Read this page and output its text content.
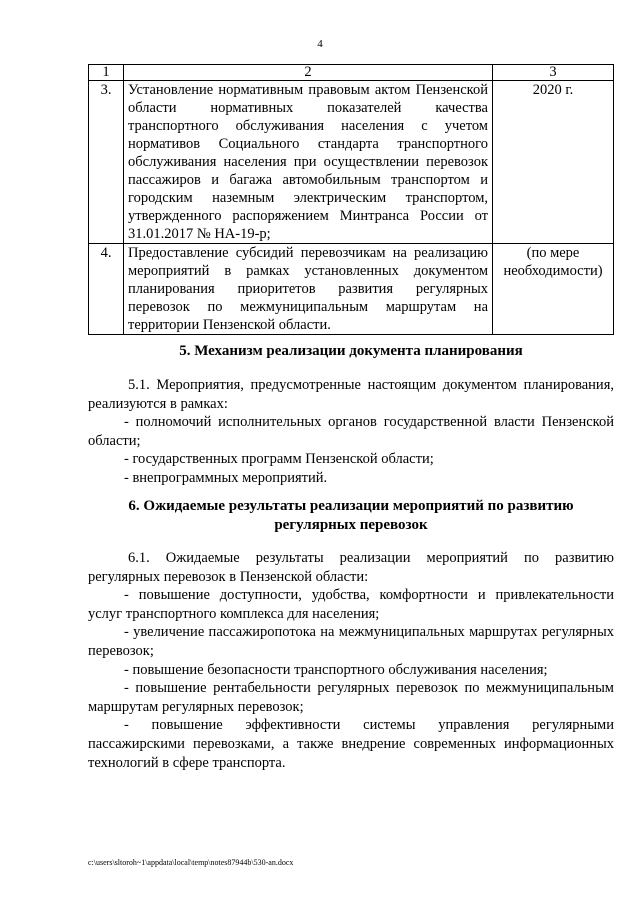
4
1	2	3
3.	Установление нормативным правовым актом Пензенской области нормативных показателей качества транспортного обслуживания населения с учетом нормативов Социального стандарта транспортного обслуживания населения при осуществлении перевозок пассажиров и багажа автомобильным транспортом и городским наземным электрическим транспортом, утвержденного распоряжением Минтранса России от 31.01.2017 № НА-19-р;	2020 г.
4.	Предоставление субсидий перевозчикам на реализацию мероприятий в рамках установленных документом планирования приоритетов развития регулярных перевозок по межмуниципальным маршрутам на территории Пензенской области.	(по мере необходимости)
5. Механизм реализации документа планирования

5.1. Мероприятия, предусмотренные настоящим документом планирования, реализуются в рамках:

- полномочий исполнительных органов государственной власти Пензенской области;

- государственных программ Пензенской области;

- внепрограммных мероприятий.

6. Ожидаемые результаты реализации мероприятий по развитию
регулярных перевозок

6.1. Ожидаемые результаты реализации мероприятий по развитию регулярных перевозок в Пензенской области:

- повышение доступности, удобства, комфортности и привлекательности услуг транспортного комплекса для населения;

- увеличение пассажиропотока на межмуниципальных маршрутах регулярных перевозок;

- повышение безопасности транспортного обслуживания населения;

- повышение рентабельности регулярных перевозок по межмуниципальным маршрутам регулярных перевозок;

- повышение эффективности системы управления регулярными пассажирскими перевозками, а также внедрение современных информационных технологий в сфере транспорта.

c:\users\sltoroh~1\appdata\local\temp\notes87944b\530-an.docx
